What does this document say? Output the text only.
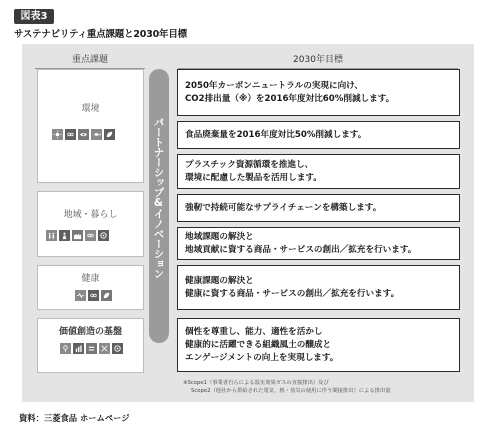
図表3
サステナビリティ重点課題と2030年目標
重点課題	2030年目標
環境
地域・暮らし
健康
価値創造の基盤
パートナーシップ&イノベーション
2050年カーボンニュートラルの実現に向け、
CO2排出量（※）を2016年度対比60%削減します。
食品廃棄量を2016年度対比50%削減します。
プラスチック資源循環を推進し、
環境に配慮した製品を活用します。
強靭で持続可能なサプライチェーンを構築します。
地域課題の解決と
地域貢献に資する商品・サービスの創出／拡充を行います。
健康課題の解決と
健康に資する商品・サービスの創出／拡充を行います。
個性を尊重し、能力、適性を活かし
健康的に活躍できる組織風土の醸成と
エンゲージメントの向上を実現します。
※Scope1（事業者自らによる温室効果ガスの直接排出）及び
Scope2（他社から供給された電気、熱・蒸気の使用に伴う間接排出）による排出量
資料：三菱食品 ホームページ
